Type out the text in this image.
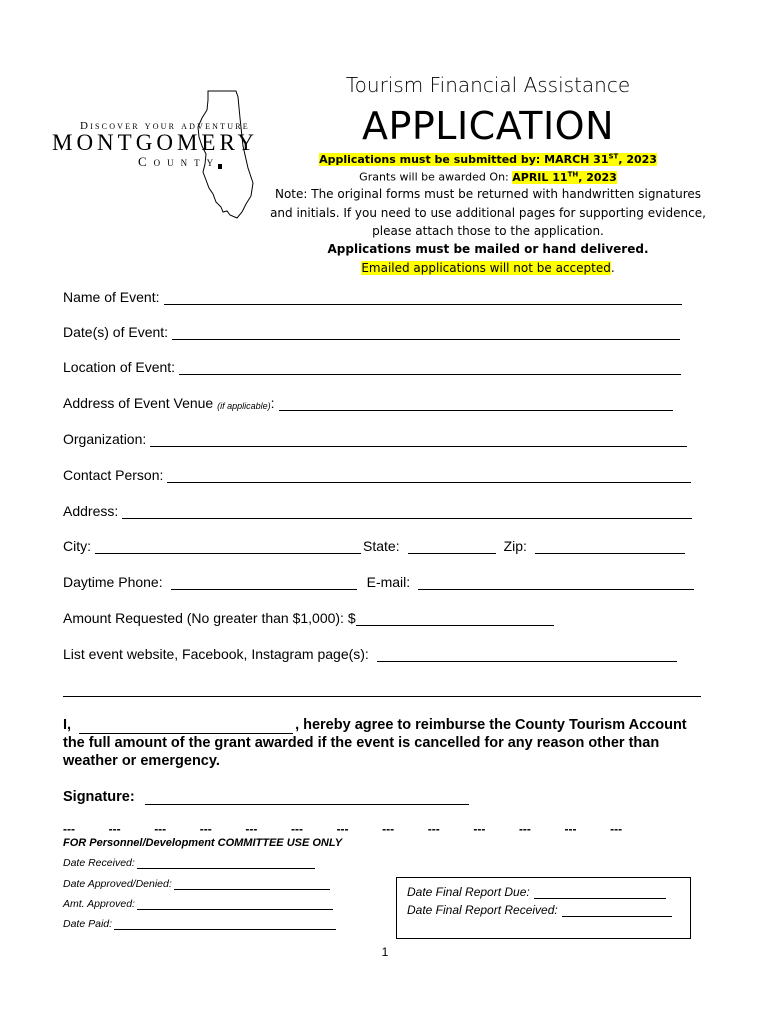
Discover your adventure
MONTGOMERY
County
Tourism Financial Assistance
APPLICATION
Applications must be submitted by: MARCH 31ST, 2023
Grants will be awarded On: APRIL 11TH, 2023
Note: The original forms must be returned with handwritten signatures
and initials. If you need to use additional pages for supporting evidence,
please attach those to the application.
Applications must be mailed or hand delivered.
Emailed applications will not be accepted.
Name of Event:
Date(s) of Event:
Location of Event:
Address of Event Venue
(if applicable) :
Organization:
Contact Person:
Address:
City:	State:	Zip:
Daytime Phone:	E-mail:
Amount Requested (No greater than $1,000): $
List event website, Facebook, Instagram page(s):
I,	, hereby agree to reimburse the County Tourism Account
the full amount of the grant awarded if the event is cancelled for any reason other than
weather or emergency.
Signature:
---	---	---	---	---	---	---	---	---	---	---	---	---
FOR Personnel/Development COMMITTEE USE ONLY
Date Received:
Date Approved/Denied:
Amt. Approved:
Date Paid:
Date Final Report Due:
Date Final Report Received:
1
